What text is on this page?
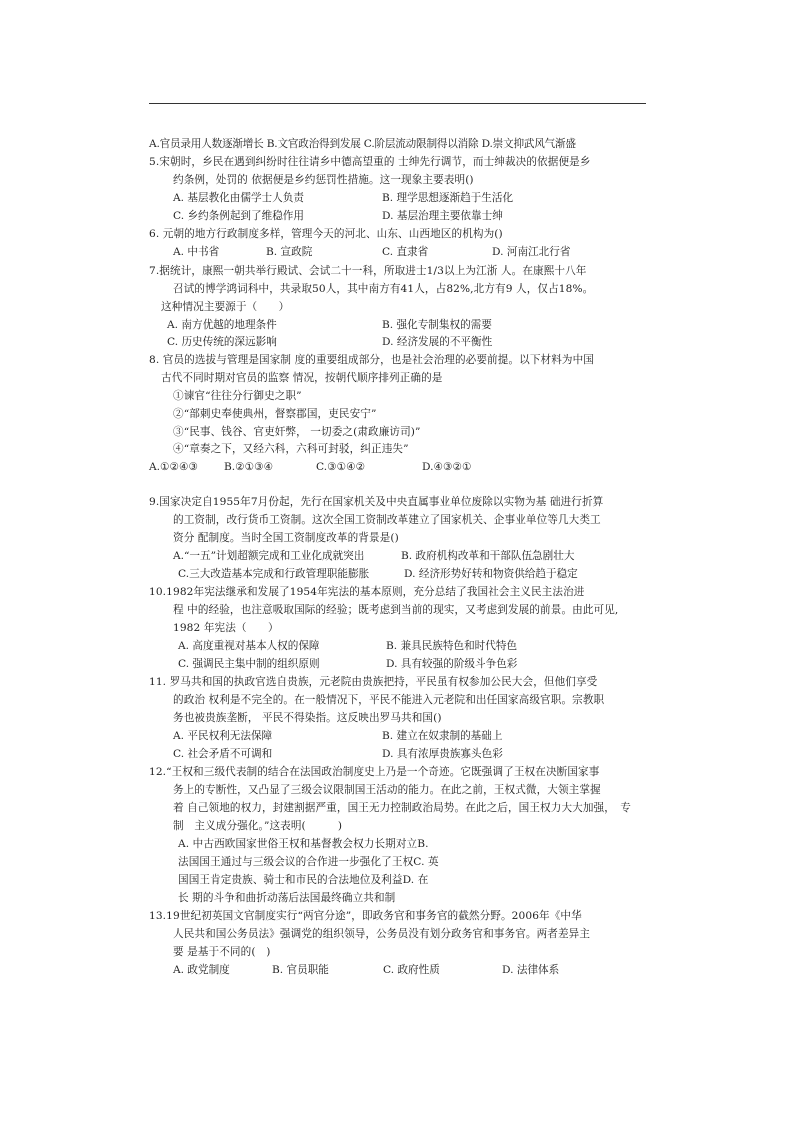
A.官员录用人数逐渐增长 B.文官政治得到发展 C.阶层流动限制得以消除 D.崇文抑武风气渐盛
5.宋朝时，乡民在遇到纠纷时往往请乡中德高望重的 士绅先行调节，而士绅裁决的依据便是乡
约条例，处罚的 依据便是乡约惩罚性措施。这一现象主要表明()
A. 基层教化由儒学士人负责	B. 理学思想逐渐趋于生活化
C. 乡约条例起到了维稳作用	D. 基层治理主要依靠士绅
6. 元朝的地方行政制度多样，管理今天的河北、山东、山西地区的机构为()
A. 中书省	B. 宣政院	C. 直隶省	D. 河南江北行省
7.据统计，康熙一朝共举行殿试、会试二十一科，所取进士1/3以上为江浙 人。在康熙十八年
召试的博学鸿词科中，共录取50人，其中南方有41人，占82%,北方有9 人，仅占18%。
这种情况主要源于（　　）
A. 南方优越的地理条件	B. 强化专制集权的需要
C. 历史传统的深远影响	D. 经济发展的不平衡性
8. 官员的选拔与管理是国家制 度的重要组成部分，也是社会治理的必要前提。以下材料为中国
古代不同时期对官员的监察 情况，按朝代顺序排列正确的是
①谏官“往往分行御史之职”
②“部刺史奉使典州，督察郡国，吏民安宁”
③“民事、钱谷、官吏奸弊， 一切委之(肃政廉访司)”
④“章奏之下，又经六科，六科可封驳，纠正违失”
A.①②④③ B.②①③④	C.③①④②	D.④③②①
9.国家决定自1955年7月份起，先行在国家机关及中央直属事业单位废除以实物为基 础进行折算
的工资制，改行货币工资制。这次全国工资制改革建立了国家机关、企事业单位等几大类工
资分 配制度。当时全国工资制度改革的背景是()
A.“一五”计划超额完成和工业化成就突出	B. 政府机构改革和干部队伍急剧壮大
C.三大改造基本完成和行政管理职能膨胀	D. 经济形势好转和物资供给趋于稳定
10.1982年宪法继承和发展了1954年宪法的基本原则，充分总结了我国社会主义民主法治进
程 中的经验，也注意吸取国际的经验；既考虑到当前的现实，又考虑到发展的前景。由此可见,
1982 年宪法（　　）
A. 高度重视对基本人权的保障	B. 兼具民族特色和时代特色
C. 强调民主集中制的组织原则	D. 具有较强的阶级斗争色彩
11. 罗马共和国的执政官选自贵族，元老院由贵族把持，平民虽有权参加公民大会，但他们享受
的政治 权利是不完全的。在一般情况下，平民不能进入元老院和出任国家高级官职。宗教职
务也被贵族垄断， 平民不得染指。这反映出罗马共和国()
A. 平民权利无法保障	B. 建立在奴隶制的基础上
C. 社会矛盾不可调和	D. 具有浓厚贵族寡头色彩
12.“王权和三级代表制的结合在法国政治制度史上乃是一个奇迹。它既强调了王权在决断国家事
务上的专断性，又凸显了三级会议限制国王活动的能力。在此之前，王权式微，大领主掌握
着 自己领地的权力，封建割据严重，国王无力控制政治局势。在此之后，国王权力大大加强，　专
制　主义成分强化。”这表明(　　　)
A. 中古西欧国家世俗王权和基督教会权力长期对立B.
法国国王通过与三级会议的合作进一步强化了王权C. 英
国国王肯定贵族、骑士和市民的合法地位及利益D. 在
长 期的斗争和曲折动荡后法国最终确立共和制
13.19世纪初英国文官制度实行“两官分途”，即政务官和事务官的截然分野。2006年《中华
人民共和国公务员法》强调党的组织领导，公务员没有划分政务官和事务官。两者差异主
要 是基于不同的(　)
A. 政党制度	B. 官员职能	C. 政府性质	D. 法律体系
